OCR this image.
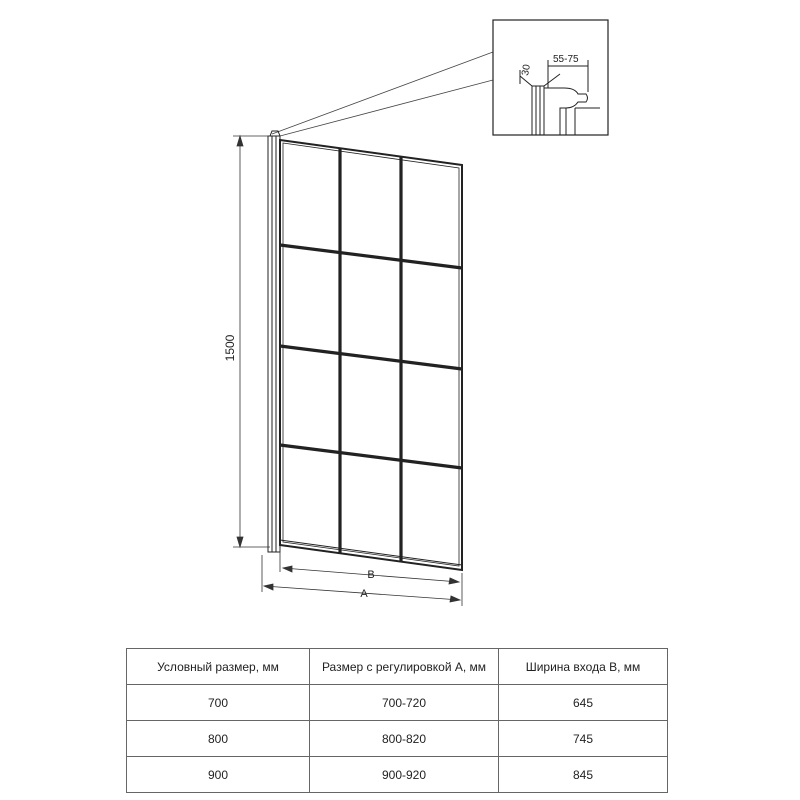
30
55-75
1500
B
A
Условный размер, мм	Размер с регулировкой А, мм	Ширина входа В, мм
700	700-720	645
800	800-820	745
900	900-920	845
